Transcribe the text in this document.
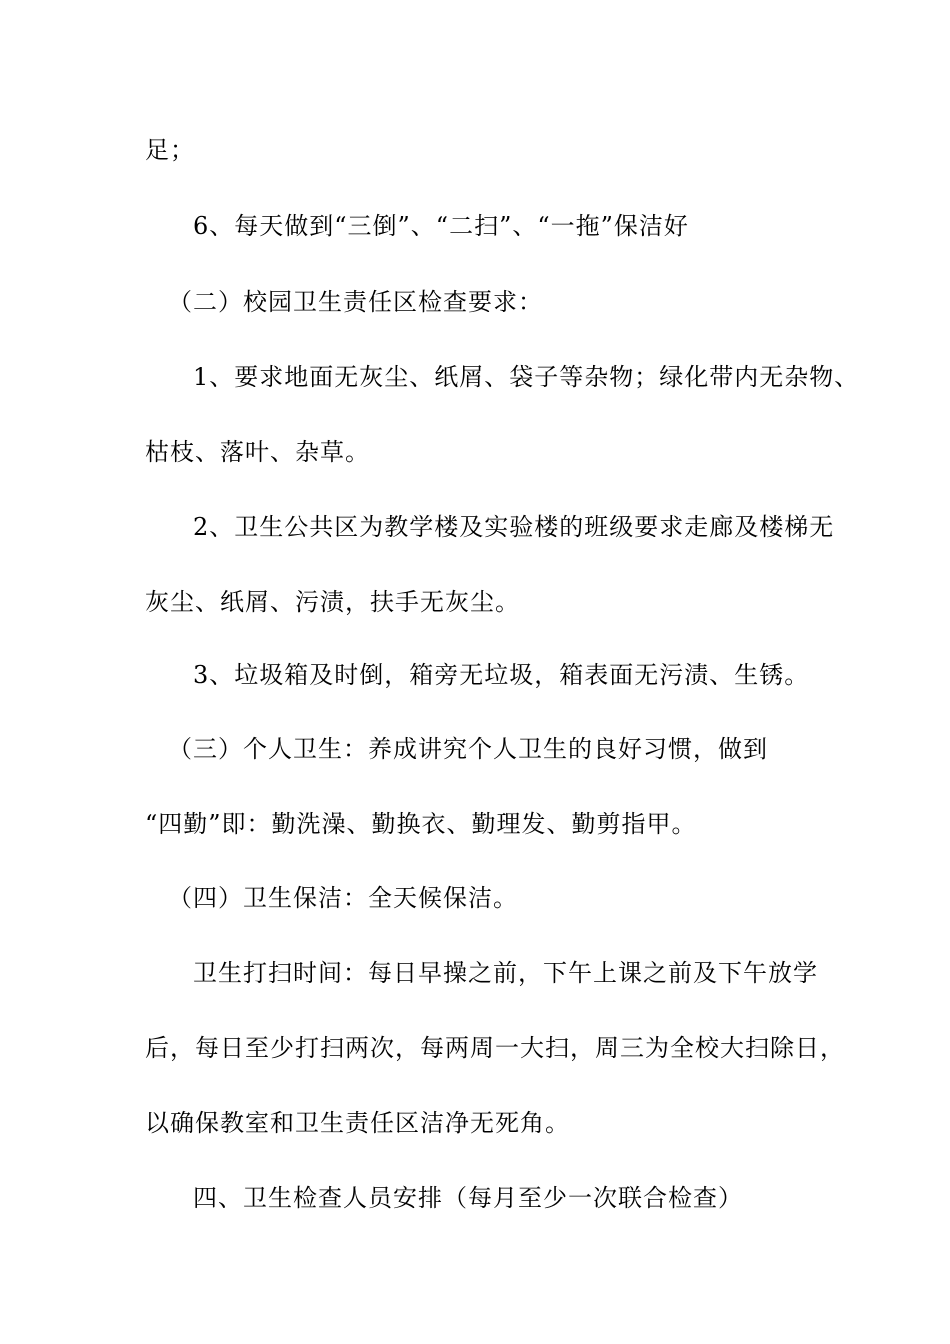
足；

6、每天做到“三倒”、“二扫”、“一拖”保洁好

（二）校园卫生责任区检查要求：

1、要求地面无灰尘、纸屑、袋子等杂物；绿化带内无杂物、

枯枝、落叶、杂草。

2、卫生公共区为教学楼及实验楼的班级要求走廊及楼梯无

灰尘、纸屑、污渍，扶手无灰尘。

3、垃圾箱及时倒，箱旁无垃圾，箱表面无污渍、生锈。

（三）个人卫生：养成讲究个人卫生的良好习惯，做到

“四勤”即：勤洗澡、勤换衣、勤理发、勤剪指甲。

（四）卫生保洁：全天候保洁。

卫生打扫时间：每日早操之前，下午上课之前及下午放学

后，每日至少打扫两次，每两周一大扫，周三为全校大扫除日，

以确保教室和卫生责任区洁净无死角。

四、卫生检查人员安排（每月至少一次联合检查）
